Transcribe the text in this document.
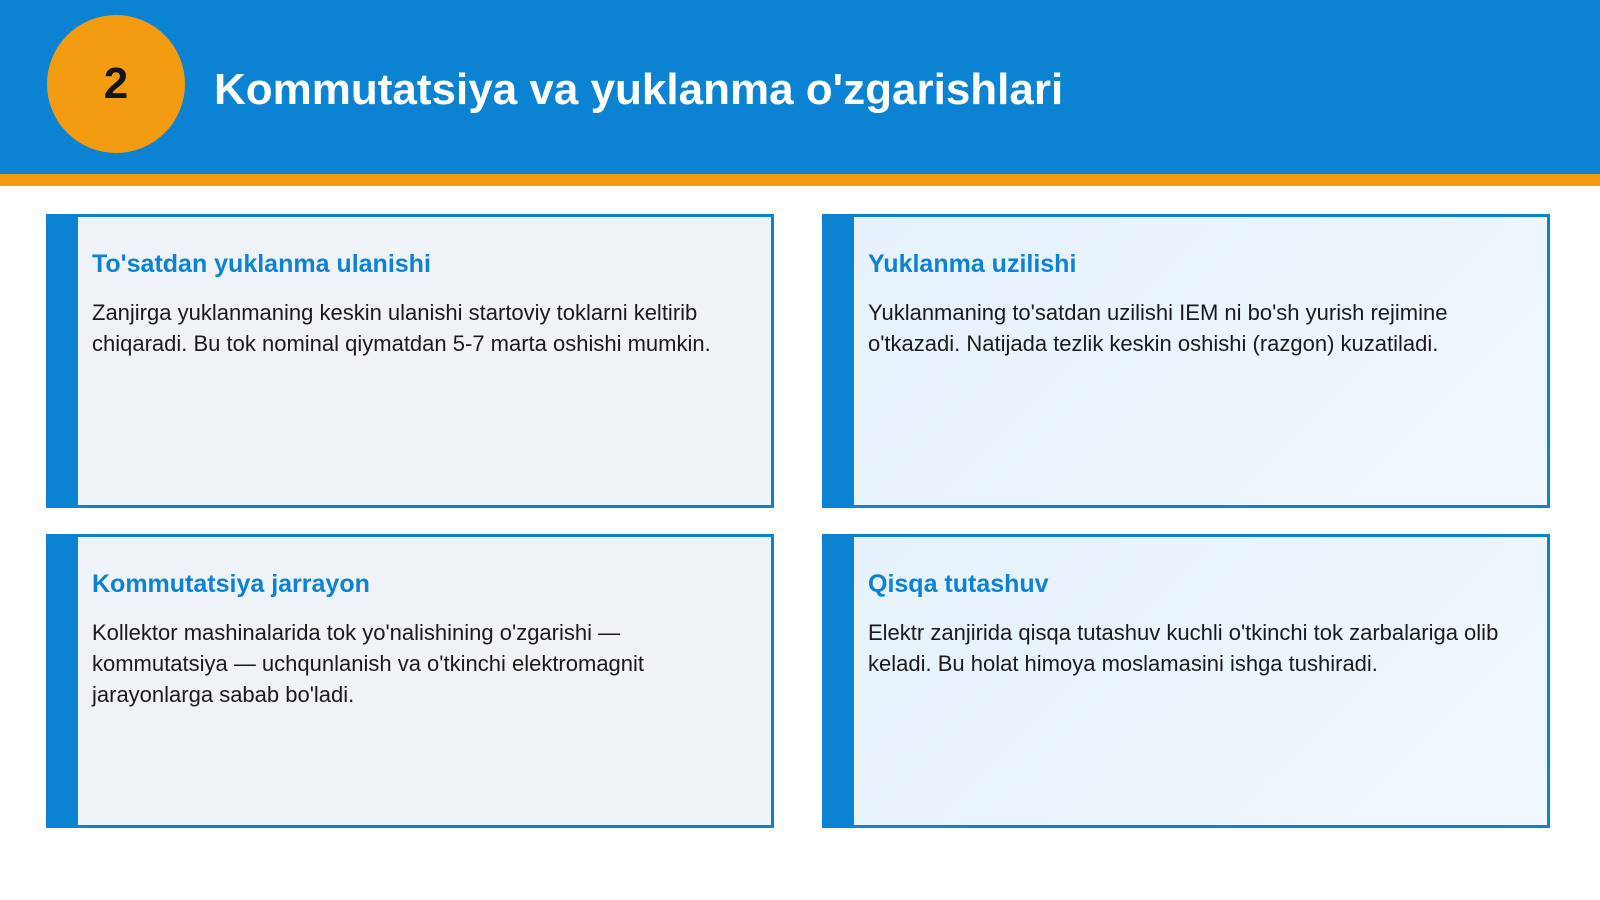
2 Kommutatsiya va yuklanma o'zgarishlari
To'satdan yuklanma ulanishi
Zanjirga yuklanmaning keskin ulanishi startoviy toklarni keltirib chiqaradi. Bu tok nominal qiymatdan 5-7 marta oshishi mumkin.
Yuklanma uzilishi
Yuklanmaning to'satdan uzilishi IEM ni bo'sh yurish rejimine o'tkazadi. Natijada tezlik keskin oshishi (razgon) kuzatiladi.
Kommutatsiya jarrayon
Kollektor mashinalarida tok yo'nalishining o'zgarishi — kommutatsiya — uchqunlanish va o'tkinchi elektromagnit jarayonlarga sabab bo'ladi.
Qisqa tutashuv
Elektr zanjirida qisqa tutashuv kuchli o'tkinchi tok zarbalariga olib keladi. Bu holat himoya moslamasini ishga tushiradi.
